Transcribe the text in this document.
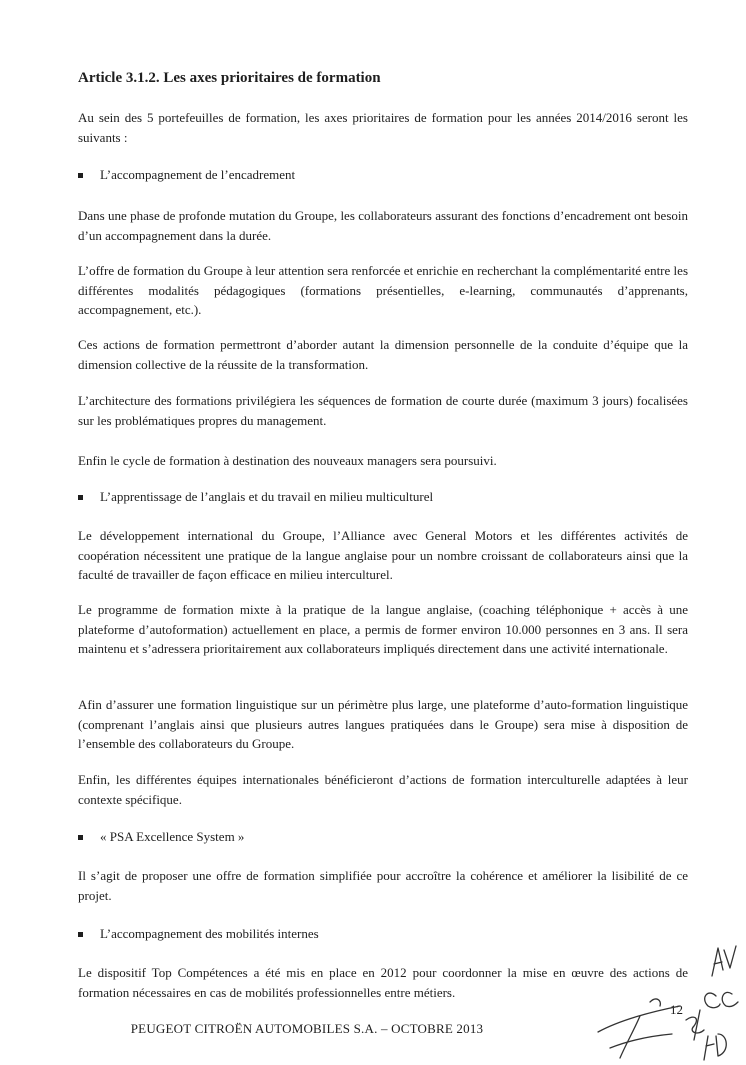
Article 3.1.2. Les axes prioritaires de formation

Au sein des 5 portefeuilles de formation, les axes prioritaires de formation pour les années 2014/2016 seront les suivants :

L’accompagnement de l’encadrement

Dans une phase de profonde mutation du Groupe, les collaborateurs assurant des fonctions d’encadrement ont besoin d’un accompagnement dans la durée.

L’offre de formation du Groupe à leur attention sera renforcée et enrichie en recherchant la complémentarité entre les différentes modalités pédagogiques (formations présentielles, e-learning, communautés d’apprenants, accompagnement, etc.).

Ces actions de formation permettront d’aborder autant la dimension personnelle de la conduite d’équipe que la dimension collective de la réussite de la transformation.

L’architecture des formations privilégiera les séquences de formation de courte durée (maximum 3 jours) focalisées sur les problématiques propres du management.

Enfin le cycle de formation à destination des nouveaux managers sera poursuivi.

L’apprentissage de l’anglais et du travail en milieu multiculturel

Le développement international du Groupe, l’Alliance avec General Motors et les différentes activités de coopération nécessitent une pratique de la langue anglaise pour un nombre croissant de collaborateurs ainsi que la faculté de travailler de façon efficace en milieu interculturel.

Le programme de formation mixte à la pratique de la langue anglaise, (coaching téléphonique + accès à une plateforme d’autoformation) actuellement en place, a permis de former environ 10.000 personnes en 3 ans. Il sera maintenu et s’adressera prioritairement aux collaborateurs impliqués directement dans une activité internationale.

Afin d’assurer une formation linguistique sur un périmètre plus large, une plateforme d’auto-formation linguistique (comprenant l’anglais ainsi que plusieurs autres langues pratiquées dans le Groupe) sera mise à disposition de l’ensemble des collaborateurs du Groupe.

Enfin, les différentes équipes internationales bénéficieront d’actions de formation interculturelle adaptées à leur contexte spécifique.

« PSA Excellence System »

Il s’agit de proposer une offre de formation simplifiée pour accroître la cohérence et améliorer la lisibilité de ce projet.

L’accompagnement des mobilités internes

Le dispositif Top Compétences a été mis en place en 2012 pour coordonner la mise en œuvre des actions de formation nécessaires en cas de mobilités professionnelles entre métiers.

12
PEUGEOT CITROËN AUTOMOBILES S.A. – OCTOBRE 2013
